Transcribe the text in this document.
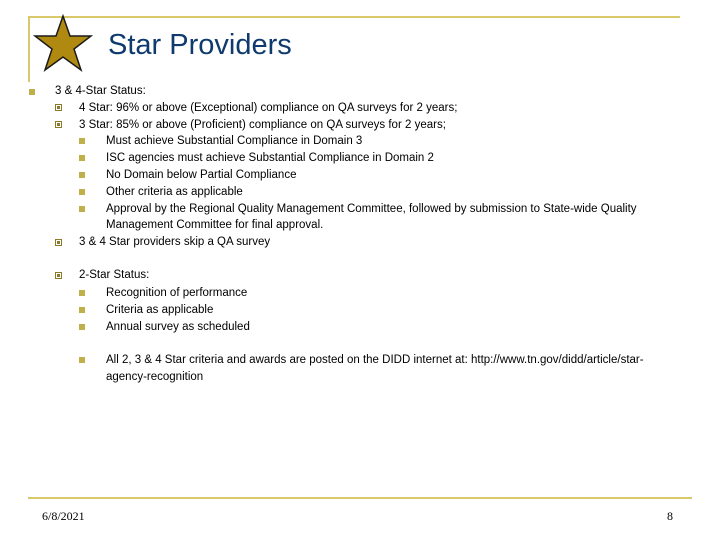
Star Providers
3 & 4-Star Status:
4 Star: 96% or above (Exceptional) compliance on QA surveys for 2 years;
3 Star: 85% or above (Proficient) compliance on QA surveys for 2 years;
Must achieve Substantial Compliance in Domain 3
ISC agencies must achieve Substantial Compliance in Domain 2
No Domain below Partial Compliance
Other criteria as applicable
Approval by the Regional Quality Management Committee, followed by submission to State-wide Quality
Management Committee for final approval.
3 & 4 Star providers skip a QA survey
2-Star Status:
Recognition of performance
Criteria as applicable
Annual survey as scheduled
All 2, 3 & 4 Star criteria and awards are posted on the DIDD internet at: http://www.tn.gov/didd/article/star-
agency-recognition
6/8/2021	8
